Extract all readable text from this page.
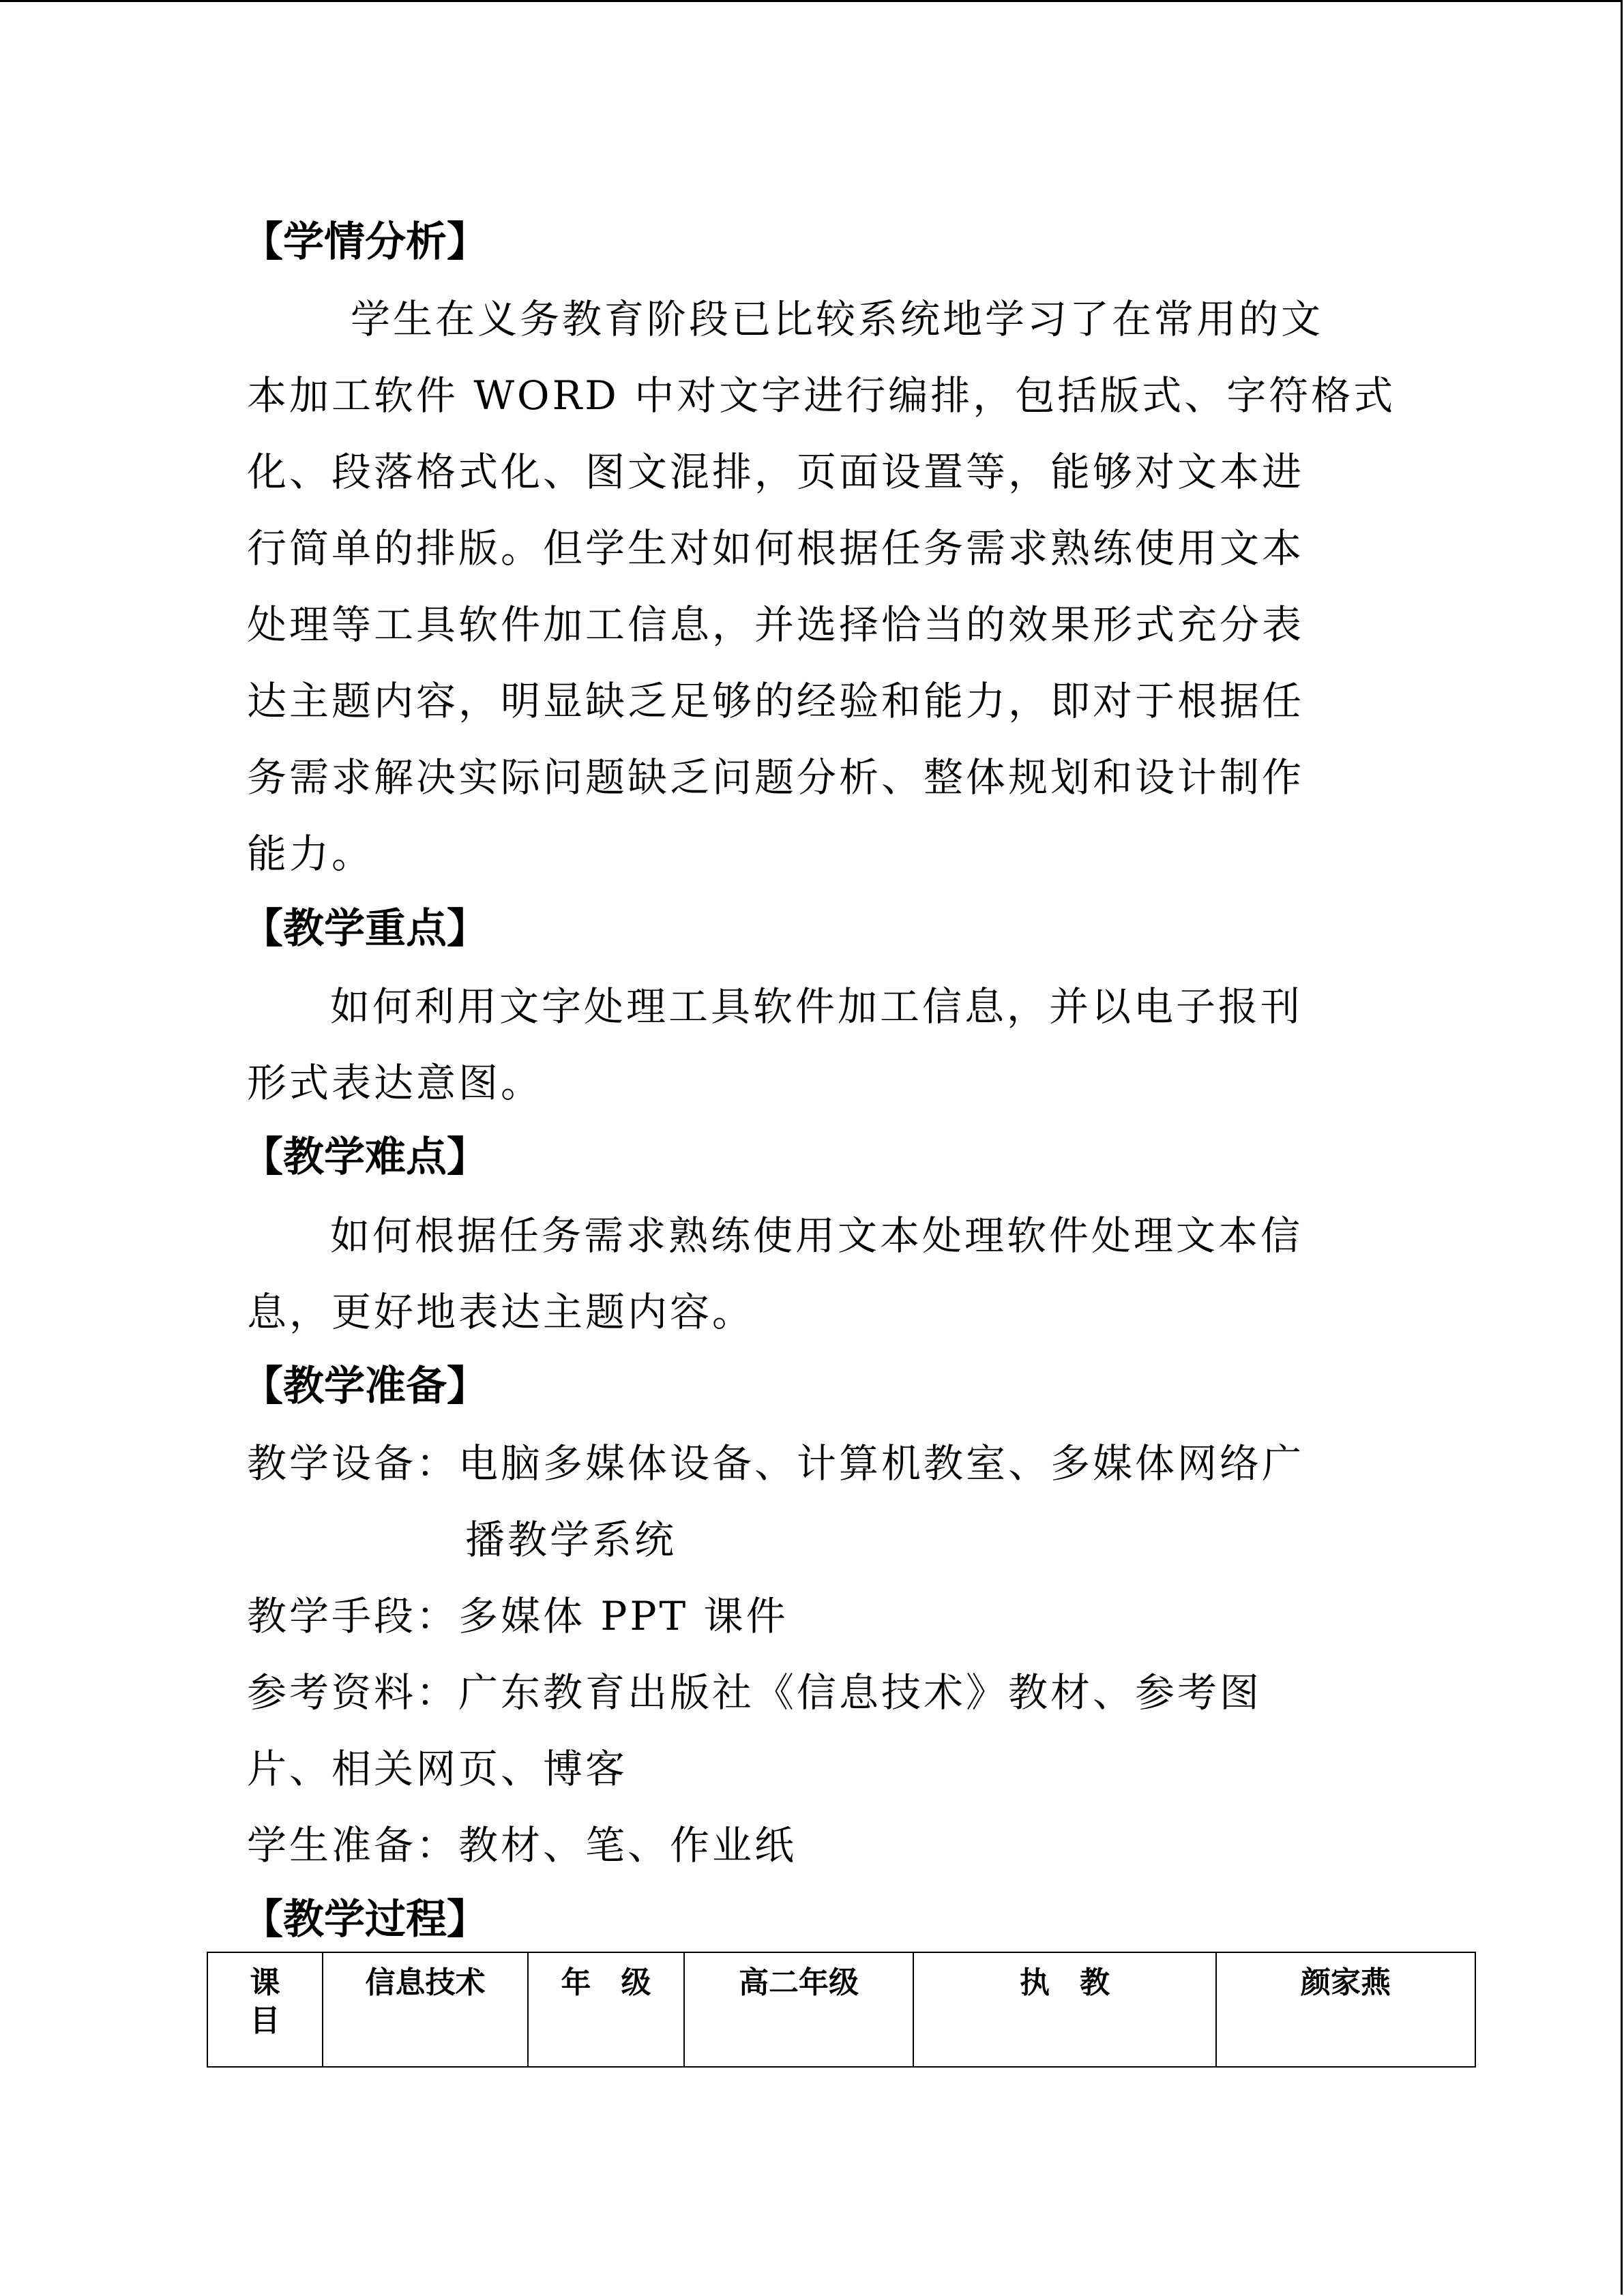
【学情分析】
学生在义务教育阶段已比较系统地学习了在常用的文
本加工软件 WORD 中对文字进行编排，包括版式、字符格式
化、段落格式化、图文混排，页面设置等，能够对文本进
行简单的排版。但学生对如何根据任务需求熟练使用文本
处理等工具软件加工信息，并选择恰当的效果形式充分表
达主题内容，明显缺乏足够的经验和能力，即对于根据任
务需求解决实际问题缺乏问题分析、整体规划和设计制作
能力。
【教学重点】
如何利用文字处理工具软件加工信息，并以电子报刊
形式表达意图。
【教学难点】
如何根据任务需求熟练使用文本处理软件处理文本信
息，更好地表达主题内容。
【教学准备】
教学设备：电脑多媒体设备、计算机教室、多媒体网络广
播教学系统
教学手段：多媒体 PPT 课件
参考资料：广东教育出版社《信息技术》教材、参考图
片、相关网页、博客
学生准备：教材、笔、作业纸
【教学过程】
课目	信息技术	年　级	高二年级	执　教	颜家燕
